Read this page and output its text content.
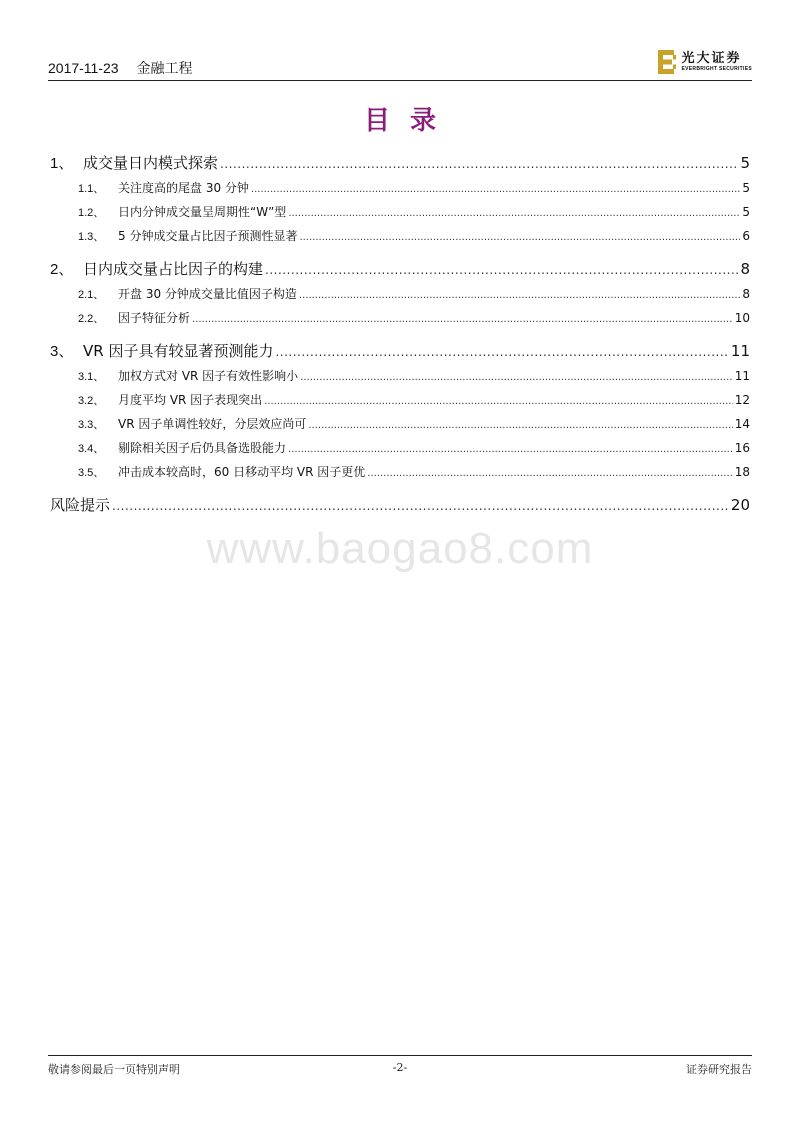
2017-11-23 金融工程
光大证券
EVERBRIGHT SECURITIES
目录
1、 成交量日内模式探索 .....	5
1.1、	关注度高的尾盘 30 分钟 .....	5
1.2、	日内分钟成交量呈周期性“W”型 .....	5
1.3、	5 分钟成交量占比因子预测性显著 .....	6
2、 日内成交量占比因子的构建 .....	8
2.1、	开盘 30 分钟成交量比值因子构造 .....	8
2.2、	因子特征分析 .....	10
3、 VR 因子具有较显著预测能力 .....	11
3.1、	加权方式对 VR 因子有效性影响小 .....	11
3.2、	月度平均 VR 因子表现突出 .....	12
3.3、	VR 因子单调性较好，分层效应尚可 .....	14
3.4、	剔除相关因子后仍具备选股能力 .....	16
3.5、	冲击成本较高时，60 日移动平均 VR 因子更优 .....	18
风险提示 .....	20
www.baogao8.com
敬请参阅最后一页特别声明	-2-	证券研究报告
